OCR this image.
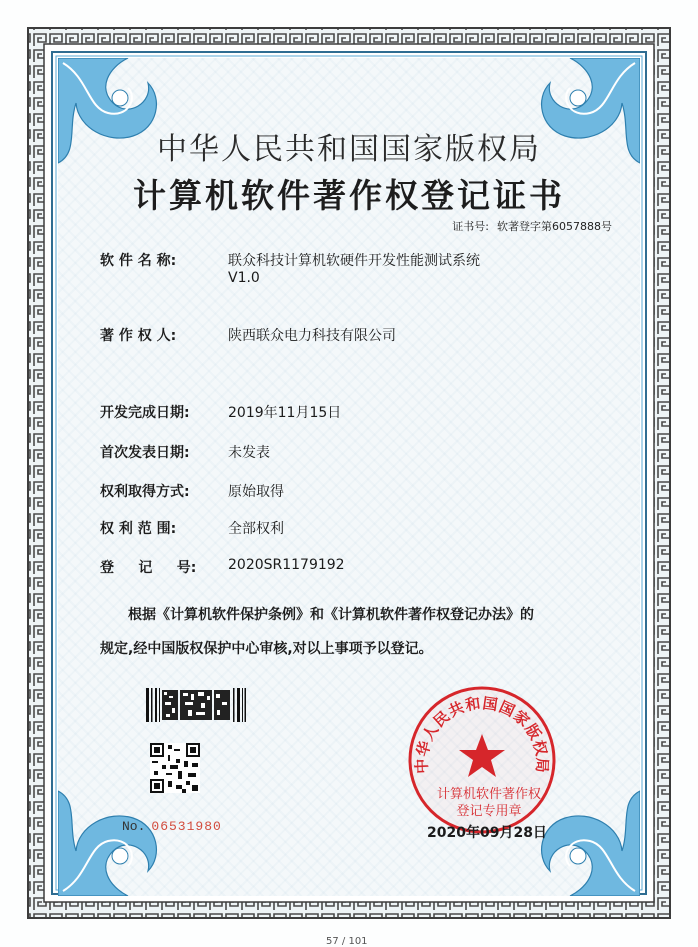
中华人民共和国国家版权局
计算机软件著作权登记证书
证书号: 软著登字第6057888号
软 件 名 称:	联众科技计算机软硬件开发性能测试系统
V1.0
著 作 权 人:	陕西联众电力科技有限公司
开发完成日期:	2019年11月15日
首次发表日期:	未发表
权利取得方式:	原始取得
权 利 范 围:	全部权利
登     记     号: 2020SR1179192
根据《计算机软件保护条例》和《计算机软件著作权登记办法》的
规定,经中国版权保护中心审核,对以上事项予以登记。
No. 06531980
中华人民共和国国家版权局
计算机软件著作权
登记专用章
2020年09月28日
57 / 101
